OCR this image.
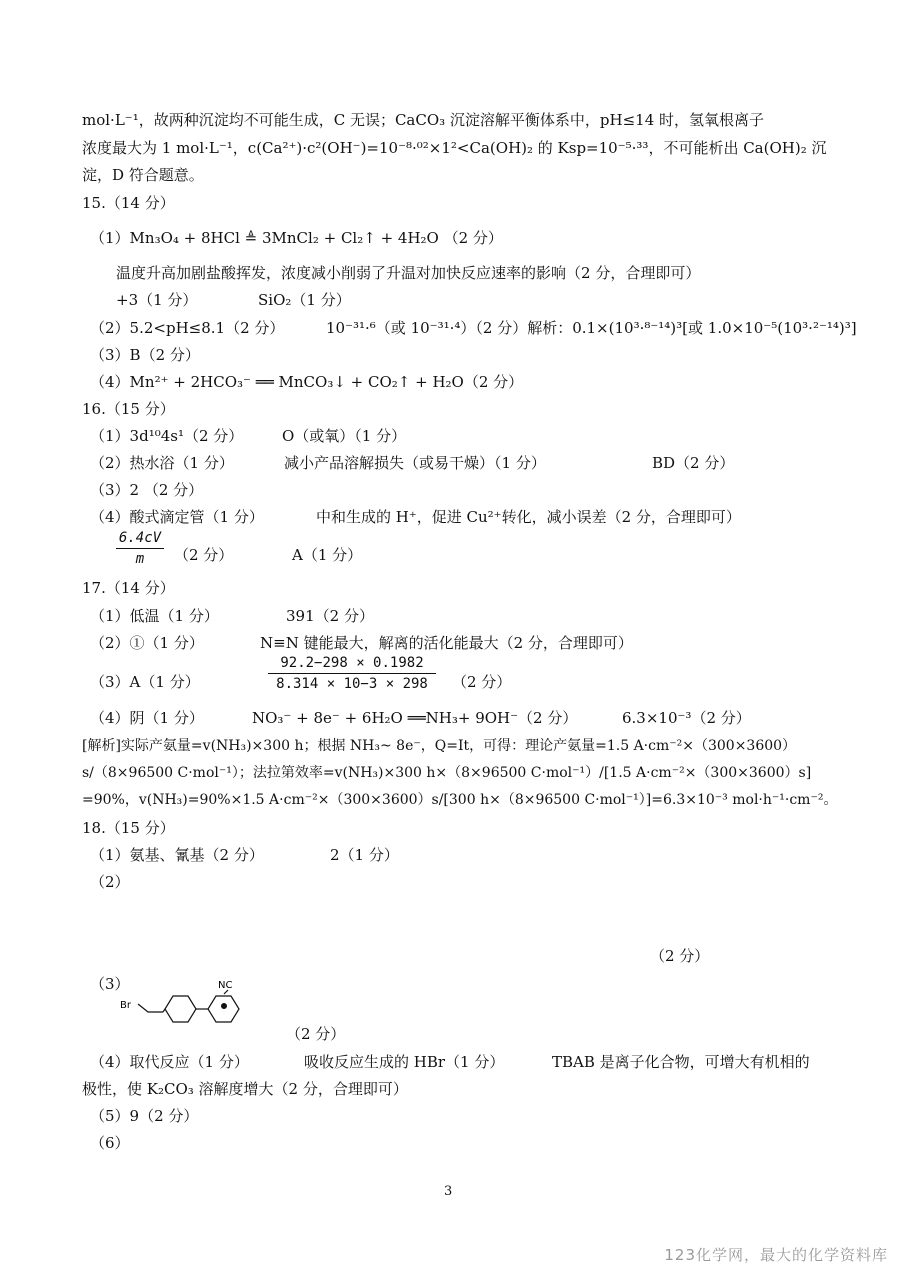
mol·L⁻¹，故两种沉淀均不可能生成，C 无误；CaCO₃ 沉淀溶解平衡体系中，pH≤14 时，氢氧根离子
浓度最大为 1 mol·L⁻¹，c(Ca²⁺)·c²(OH⁻)=10⁻⁸·⁰²×1²<Ca(OH)₂ 的 Ksp=10⁻⁵·³³，不可能析出 Ca(OH)₂ 沉
淀，D 符合题意。
15.（14 分）
（1）Mn₃O₄ + 8HCl ≜ 3MnCl₂ + Cl₂↑ + 4H₂O （2 分）
温度升高加剧盐酸挥发，浓度减小削弱了升温对加快反应速率的影响（2 分，合理即可）
+3（1 分）	SiO₂（1 分）
（2）5.2<pH≤8.1（2 分）	10⁻³¹·⁶（或 10⁻³¹·⁴）（2 分）解析：0.1×(10³·⁸⁻¹⁴)³[或 1.0×10⁻⁵(10³·²⁻¹⁴)³]
（3）B（2 分）
（4）Mn²⁺ + 2HCO₃⁻ ══ MnCO₃↓ + CO₂↑ + H₂O（2 分）
16.（15 分）
（1）3d¹⁰4s¹（2 分）	O（或氧）（1 分）
（2）热水浴（1 分）	减小产品溶解损失（或易干燥）（1 分）	BD（2 分）
（3）2 （2 分）
（4）酸式滴定管（1 分）	中和生成的 H⁺，促进 Cu²⁺转化，减小误差（2 分，合理即可）
6.4cV
m	（2 分）	A（1 分）
17.（14 分）
（1）低温（1 分）	391（2 分）
（2）①（1 分）	N≡N 键能最大，解离的活化能最大（2 分，合理即可）
（3）A（1 分）
92.2−298 × 0.1982
8.314 × 10−3 × 298	（2 分）
（4）阴（1 分）	NO₃⁻ + 8e⁻ + 6H₂O ══NH₃+ 9OH⁻（2 分）	6.3×10⁻³（2 分）
[解析]实际产氨量=v(NH₃)×300 h；根据 NH₃~ 8e⁻，Q=It，可得：理论产氨量=1.5 A·cm⁻²×（300×3600）
s/（8×96500 C·mol⁻¹）；法拉第效率=v(NH₃)×300 h×（8×96500 C·mol⁻¹）/[1.5 A·cm⁻²×（300×3600）s]
=90%，v(NH₃)=90%×1.5 A·cm⁻²×（300×3600）s/[300 h×（8×96500 C·mol⁻¹）]=6.3×10⁻³ mol·h⁻¹·cm⁻²。
18.（15 分）
（1）氨基、氰基（2 分）	2（1 分）
（2）
（2 分）
（3）
Br
NC
（2 分）
（4）取代反应（1 分）	吸收反应生成的 HBr（1 分）	TBAB 是离子化合物，可增大有机相的
极性，使 K₂CO₃ 溶解度增大（2 分，合理即可）
（5）9（2 分）
（6）
3
123化学网，最大的化学资料库
